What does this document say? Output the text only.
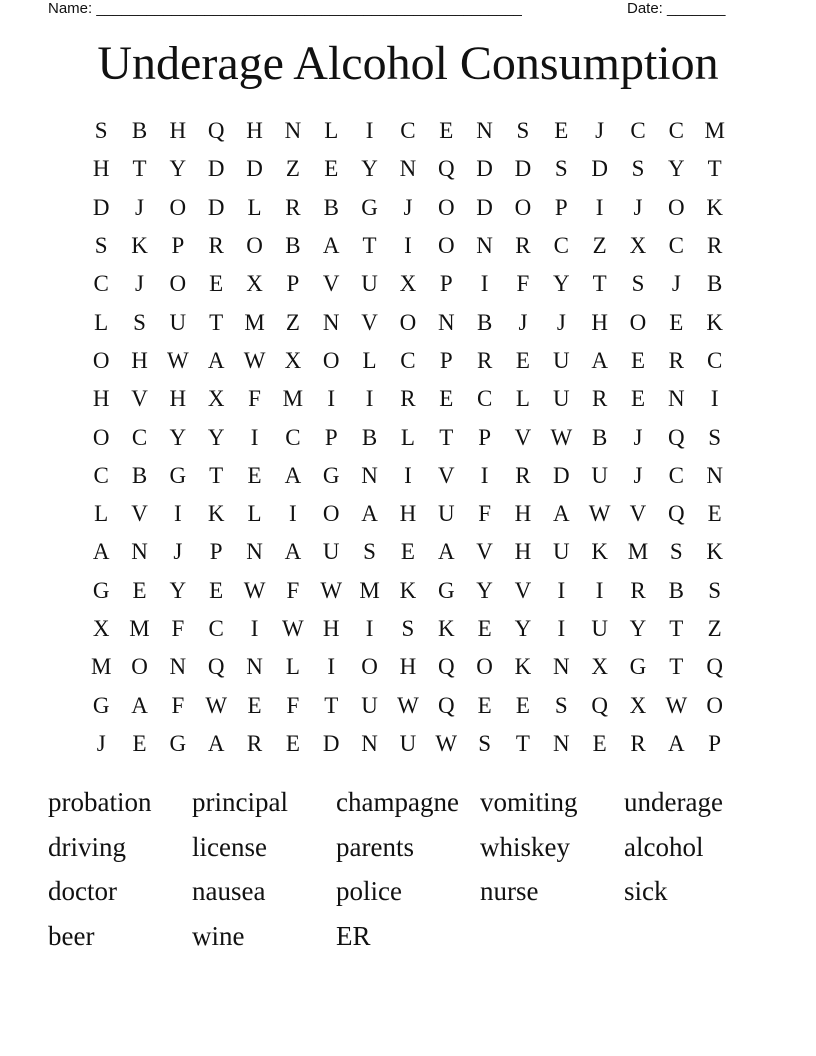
Name: ___________________________________________________	Date: _______
Underage Alcohol Consumption
S	B H Q H N	L	I	C	E	N	S	E	J	C	C M
H	T	Y D D	Z	E	Y N Q D D	S	D	S	Y	T
D	J	O D	L	R	B G	J	O D O	P	I	J	O K
S	K	P	R O B A	T	I	O N R	C	Z	X C	R
C	J	O	E	X	P	V U X	P	I	F	Y	T	S	J	B
L	S	U	T M Z	N V O N B	J	J	H O	E	K
O H W A W X O	L	C	P	R	E	U A	E	R	C
H V H X	F M	I	I	R	E	C	L	U R	E	N	I
O C Y Y	I	C	P	B	L	T	P	V W B	J	Q	S
C	B G	T	E	A G N	I	V	I	R D U	J	C N
L	V	I	K	L	I	O A H U	F	H A W V Q	E
A N	J	P	N A U	S	E	A V H U K M S	K
G	E	Y	E W F W M K G Y V	I	I	R	B	S
X M F	C	I	W H	I	S	K	E	Y	I	U Y	T	Z
M O N Q N	L	I	O H Q O K N X G	T	Q
G A	F W E	F	T	U W Q	E	E	S	Q X W O
J	E	G A R	E	D N U W S	T	N	E	R A	P
probation	principal	champagne vomiting	underage
driving	license	parents	whiskey	alcohol
doctor	nausea	police	nurse	sick
beer	wine	ER
